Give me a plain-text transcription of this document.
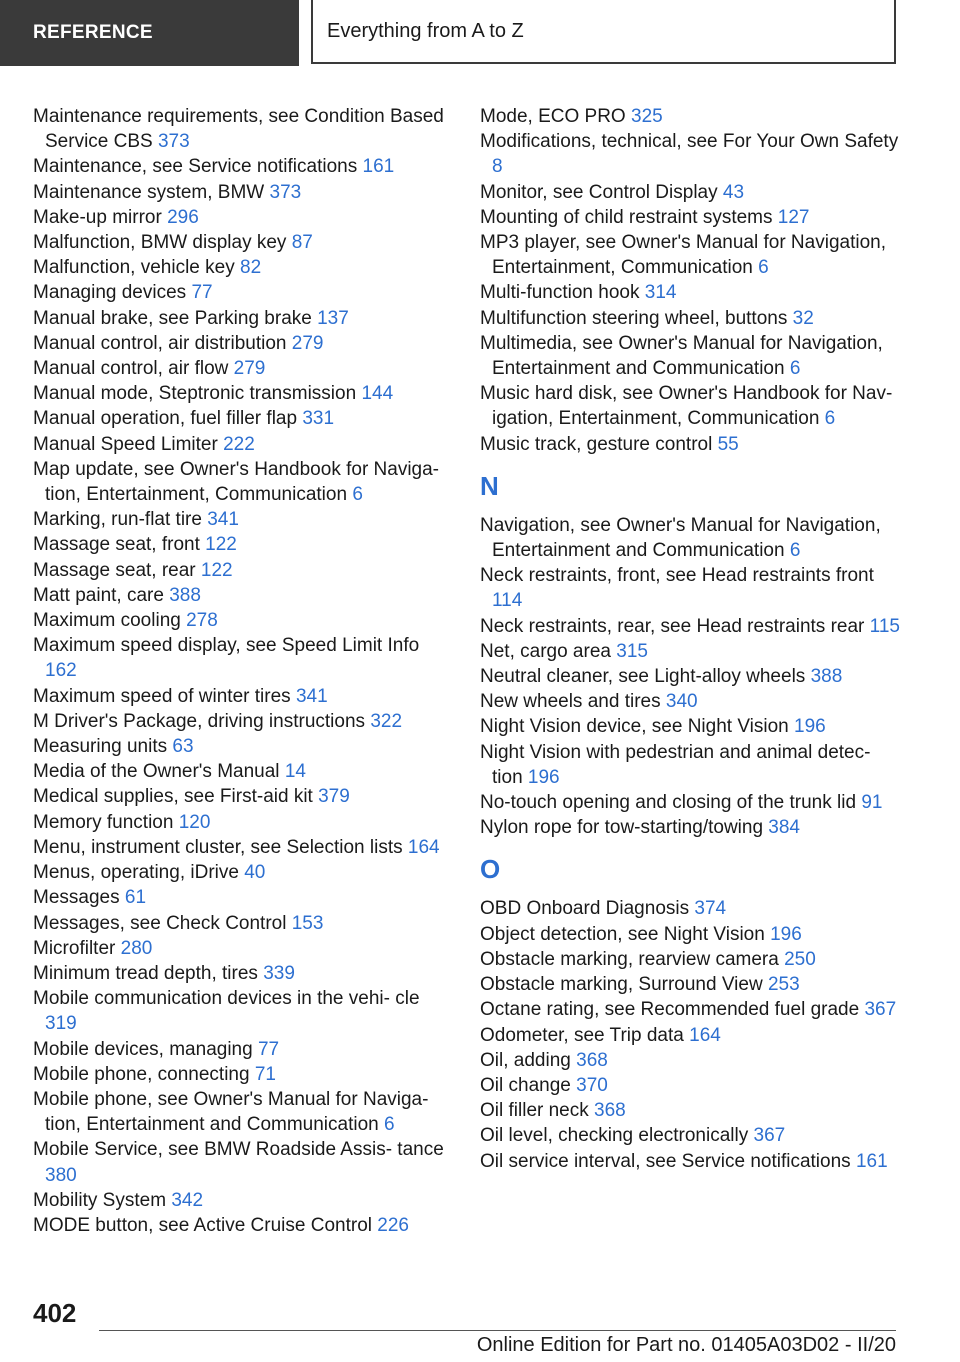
REFERENCE	Everything from A to Z
Maintenance requirements, see Condition Based Service CBS 373
Maintenance, see Service notifications 161
Maintenance system, BMW 373
Make-up mirror 296
Malfunction, BMW display key 87
Malfunction, vehicle key 82
Managing devices 77
Manual brake, see Parking brake 137
Manual control, air distribution 279
Manual control, air flow 279
Manual mode, Steptronic transmission 144
Manual operation, fuel filler flap 331
Manual Speed Limiter 222
Map update, see Owner's Handbook for Naviga‐ tion, Entertainment, Communication 6
Marking, run-flat tire 341
Massage seat, front 122
Massage seat, rear 122
Matt paint, care 388
Maximum cooling 278
Maximum speed display, see Speed Limit Info 162
Maximum speed of winter tires 341
M Driver's Package, driving instructions 322
Measuring units 63
Media of the Owner's Manual 14
Medical supplies, see First-aid kit 379
Memory function 120
Menu, instrument cluster, see Selection lists 164
Menus, operating, iDrive 40
Messages 61
Messages, see Check Control 153
Microfilter 280
Minimum tread depth, tires 339
Mobile communication devices in the vehi‐ cle 319
Mobile devices, managing 77
Mobile phone, connecting 71
Mobile phone, see Owner's Manual for Naviga‐ tion, Entertainment and Communication 6
Mobile Service, see BMW Roadside Assis‐ tance 380
Mobility System 342
MODE button, see Active Cruise Control 226
Mode, ECO PRO 325
Modifications, technical, see For Your Own Safety 8
Monitor, see Control Display 43
Mounting of child restraint systems 127
MP3 player, see Owner's Manual for Navigation, Entertainment, Communication 6
Multi-function hook 314
Multifunction steering wheel, buttons 32
Multimedia, see Owner's Manual for Navigation, Entertainment and Communication 6
Music hard disk, see Owner's Handbook for Nav‐ igation, Entertainment, Communication 6
Music track, gesture control 55
N
Navigation, see Owner's Manual for Navigation, Entertainment and Communication 6
Neck restraints, front, see Head restraints front 114
Neck restraints, rear, see Head restraints rear 115
Net, cargo area 315
Neutral cleaner, see Light-alloy wheels 388
New wheels and tires 340
Night Vision device, see Night Vision 196
Night Vision with pedestrian and animal detec‐ tion 196
No-touch opening and closing of the trunk lid 91
Nylon rope for tow-starting/towing 384
O
OBD Onboard Diagnosis 374
Object detection, see Night Vision 196
Obstacle marking, rearview camera 250
Obstacle marking, Surround View 253
Octane rating, see Recommended fuel grade 367
Odometer, see Trip data 164
Oil, adding 368
Oil change 370
Oil filler neck 368
Oil level, checking electronically 367
Oil service interval, see Service notifications 161
402
Online Edition for Part no. 01405A03D02 - II/20
